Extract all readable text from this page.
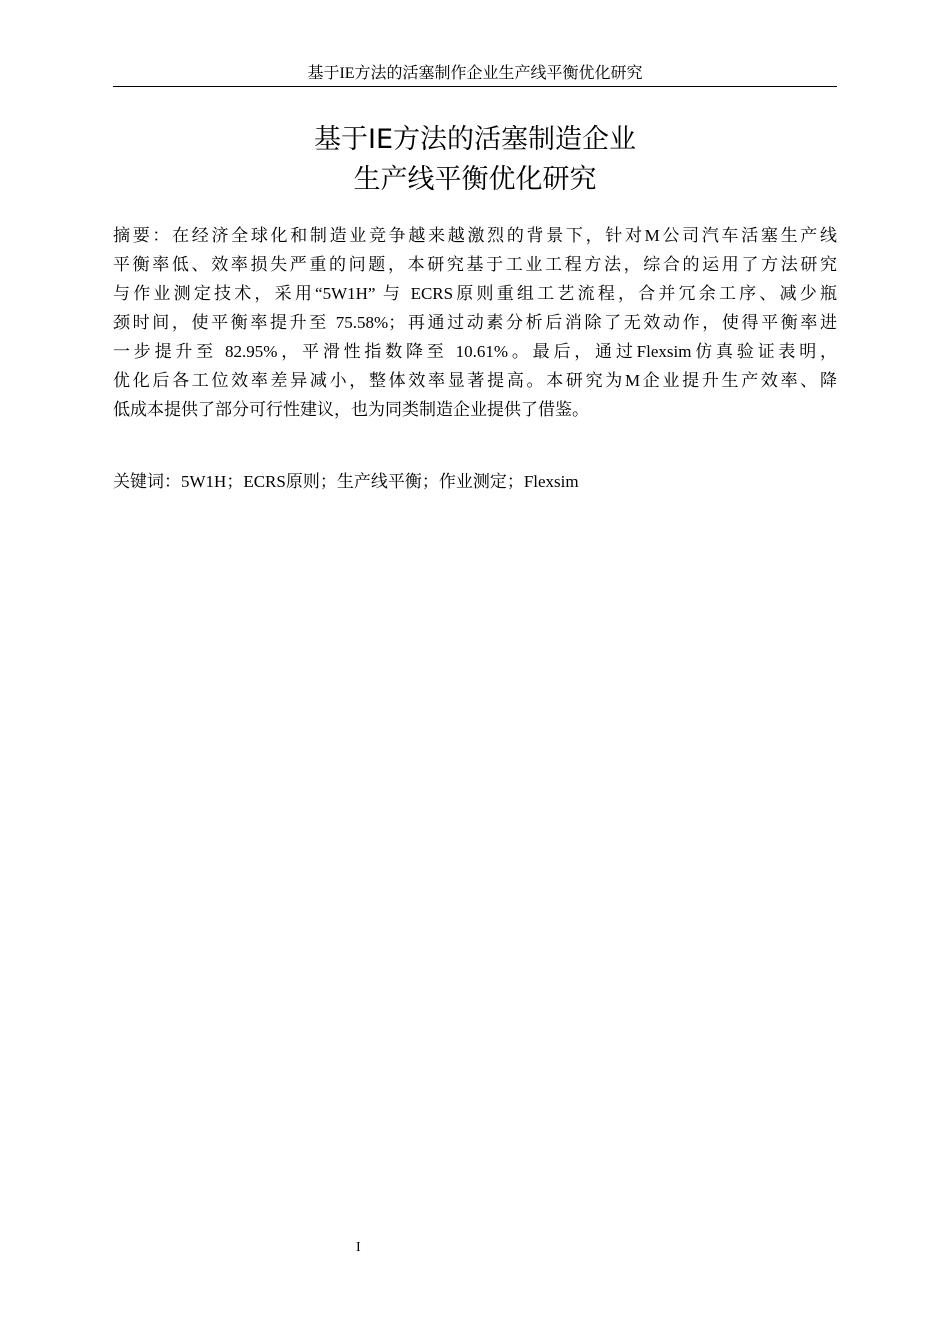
基于IE方法的活塞制作企业生产线平衡优化研究
基于IE方法的活塞制造企业
生产线平衡优化研究
摘要：在经济全球化和制造业竞争越来越激烈的背景下，针对M公司汽车活塞生产线
平衡率低、效率损失严重的问题，本研究基于工业工程方法，综合的运用了方法研究
与作业测定技术，采用“5W1H” 与 ECRS原则重组工艺流程，合并冗余工序、减少瓶
颈时间，使平衡率提升至 75.58%；再通过动素分析后消除了无效动作，使得平衡率进
一步提升至 82.95%，平滑性指数降至 10.61%。最后，通过Flexsim仿真验证表明，
优化后各工位效率差异减小，整体效率显著提高。本研究为M企业提升生产效率、降
低成本提供了部分可行性建议，也为同类制造企业提供了借鉴。
关键词：5W1H；ECRS原则；生产线平衡；作业测定；Flexsim
I
